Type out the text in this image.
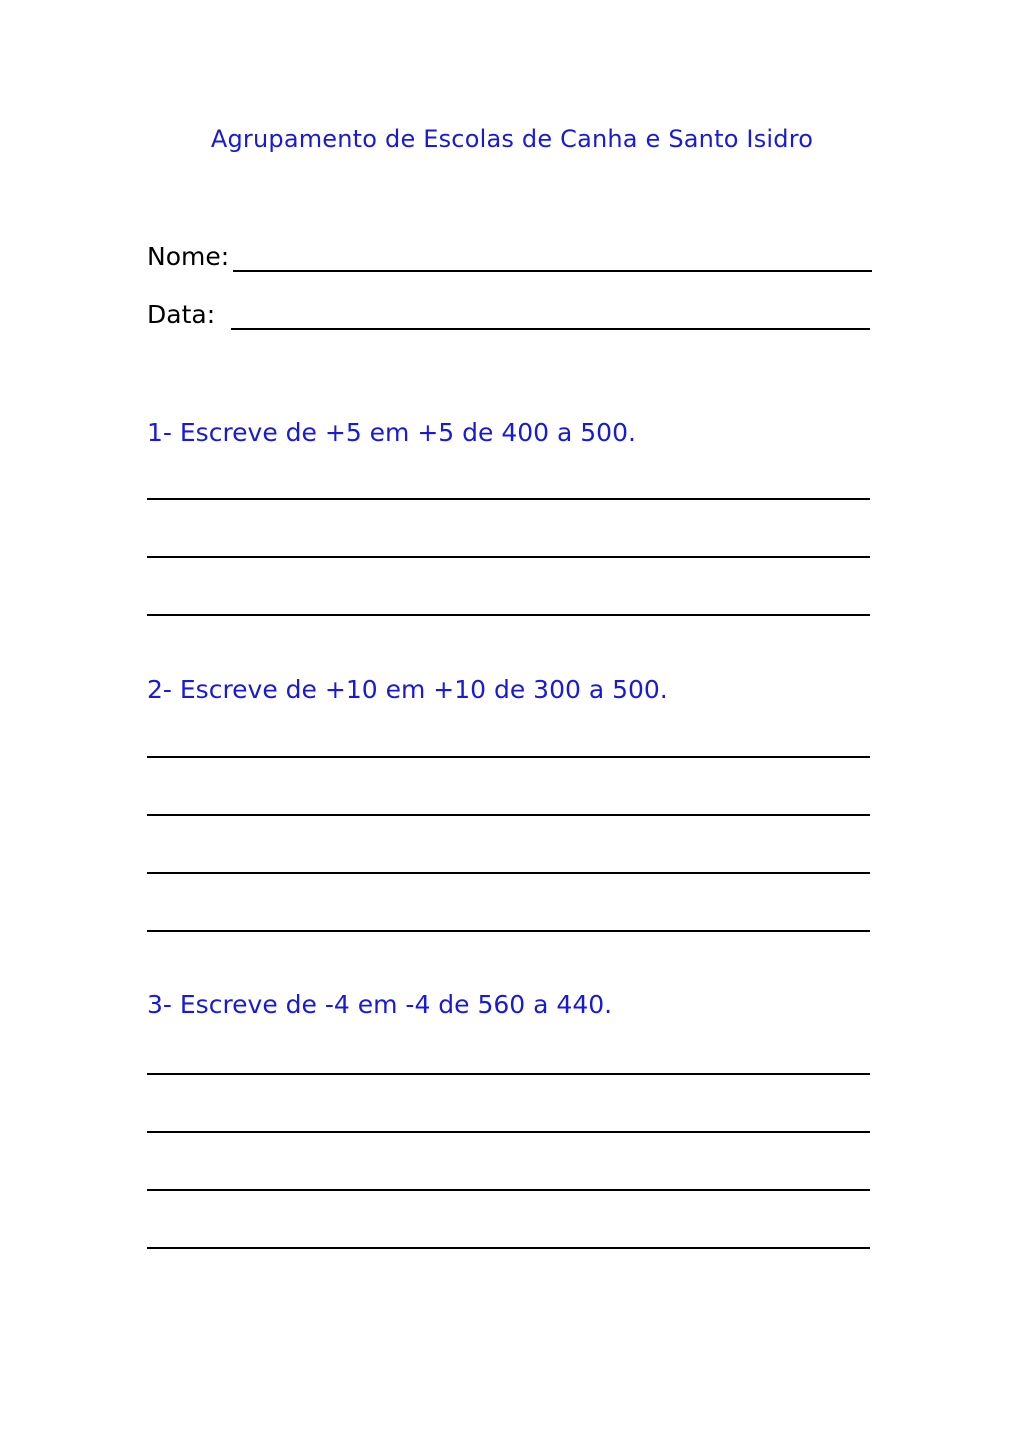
Agrupamento de Escolas de Canha e Santo Isidro
Nome:
Data:
1- Escreve de +5 em +5 de 400 a 500.
2- Escreve de +10 em +10 de 300 a 500.
3- Escreve de -4 em -4 de 560 a 440.
